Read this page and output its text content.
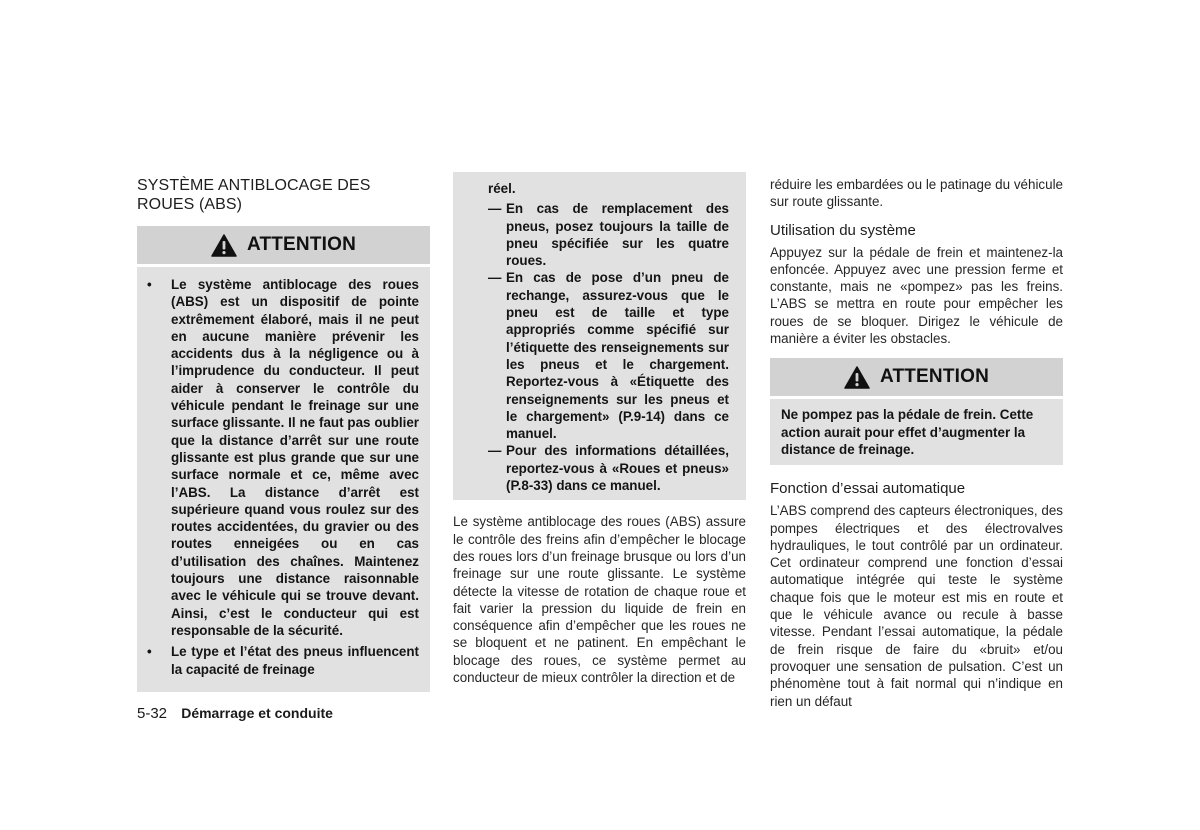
SYSTÈME ANTIBLOCAGE DES ROUES (ABS)
ATTENTION

• Le système antiblocage des roues (ABS) est un dispositif de pointe extrêmement élaboré, mais il ne peut en aucune manière prévenir les accidents dus à la négligence ou à l’imprudence du conducteur. Il peut aider à conserver le contrôle du véhicule pendant le freinage sur une surface glissante. Il ne faut pas oublier que la distance d’arrêt sur une route glissante est plus grande que sur une surface normale et ce, même avec l’ABS. La distance d’arrêt est supérieure quand vous roulez sur des routes accidentées, du gravier ou des routes enneigées ou en cas d’utilisation des chaînes. Maintenez toujours une distance raisonnable avec le véhicule qui se trouve devant. Ainsi, c’est le conducteur qui est responsable de la sécurité.

• Le type et l’état des pneus influencent la capacité de freinage

réel.

— En cas de remplacement des pneus, posez toujours la taille de pneu spécifiée sur les quatre roues.

— En cas de pose d’un pneu de rechange, assurez-vous que le pneu est de taille et type appropriés comme spécifié sur l’étiquette des renseignements sur les pneus et le chargement. Reportez-vous à «Étiquette des renseignements sur les pneus et le chargement» (P.9-14) dans ce manuel.

— Pour des informations détaillées, reportez-vous à «Roues et pneus» (P.8-33) dans ce manuel.

Le système antiblocage des roues (ABS) assure le contrôle des freins afin d’empêcher le blocage des roues lors d’un freinage brusque ou lors d’un freinage sur une route glissante. Le système détecte la vitesse de rotation de chaque roue et fait varier la pression du liquide de frein en conséquence afin d’empêcher que les roues ne se bloquent et ne patinent. En empêchant le blocage des roues, ce système permet au conducteur de mieux contrôler la direction et de

réduire les embardées ou le patinage du véhicule sur route glissante.

Utilisation du système

Appuyez sur la pédale de frein et maintenez-la enfoncée. Appuyez avec une pression ferme et constante, mais ne «pompez» pas les freins. L’ABS se mettra en route pour empêcher les roues de se bloquer. Dirigez le véhicule de manière a éviter les obstacles.

ATTENTION

Ne pompez pas la pédale de frein. Cette action aurait pour effet d’augmenter la distance de freinage.

Fonction d’essai automatique

L’ABS comprend des capteurs électroniques, des pompes électriques et des électrovalves hydrauliques, le tout contrôlé par un ordinateur. Cet ordinateur comprend une fonction d’essai automatique intégrée qui teste le système chaque fois que le moteur est mis en route et que le véhicule avance ou recule à basse vitesse. Pendant l’essai automatique, la pédale de frein risque de faire du «bruit» et/ou provoquer une sensation de pulsation. C’est un phénomène tout à fait normal qui n’indique en rien un défaut

5-32 Démarrage et conduite
